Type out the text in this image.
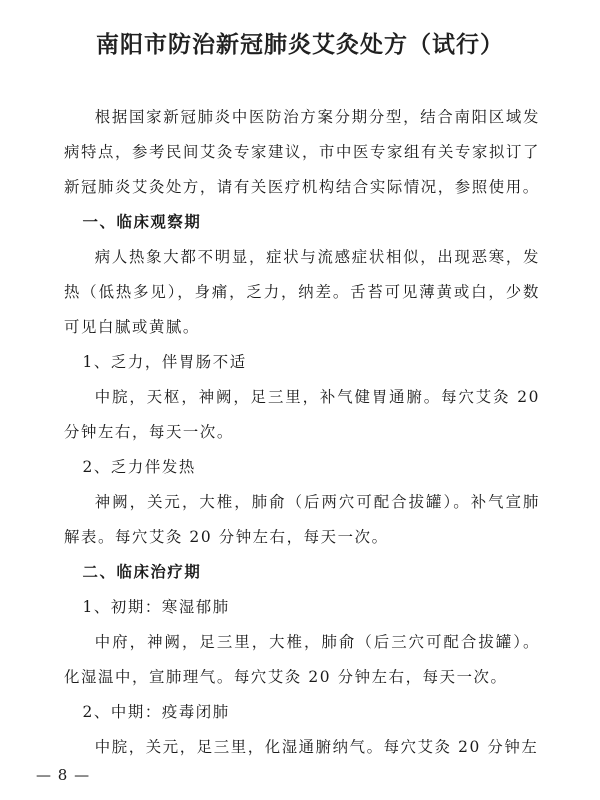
南阳市防治新冠肺炎艾灸处方（试行）

根据国家新冠肺炎中医防治方案分期分型，结合南阳区域发病特点，参考民间艾灸专家建议，市中医专家组有关专家拟订了新冠肺炎艾灸处方，请有关医疗机构结合实际情况，参照使用。

一、临床观察期

病人热象大都不明显，症状与流感症状相似，出现恶寒，发热（低热多见），身痛，乏力，纳差。舌苔可见薄黄或白，少数可见白腻或黄腻。

1、乏力，伴胃肠不适

中脘，天枢，神阙，足三里，补气健胃通腑。每穴艾灸 20 分钟左右，每天一次。

2、乏力伴发热

神阙，关元，大椎，肺俞（后两穴可配合拔罐）。补气宣肺解表。每穴艾灸 20 分钟左右，每天一次。

二、临床治疗期

1、初期：寒湿郁肺

中府，神阙，足三里，大椎，肺俞（后三穴可配合拔罐）。化湿温中，宣肺理气。每穴艾灸 20 分钟左右，每天一次。

2、中期：疫毒闭肺

中脘，关元，足三里，化湿通腑纳气。每穴艾灸 20 分钟左

— 8 —
